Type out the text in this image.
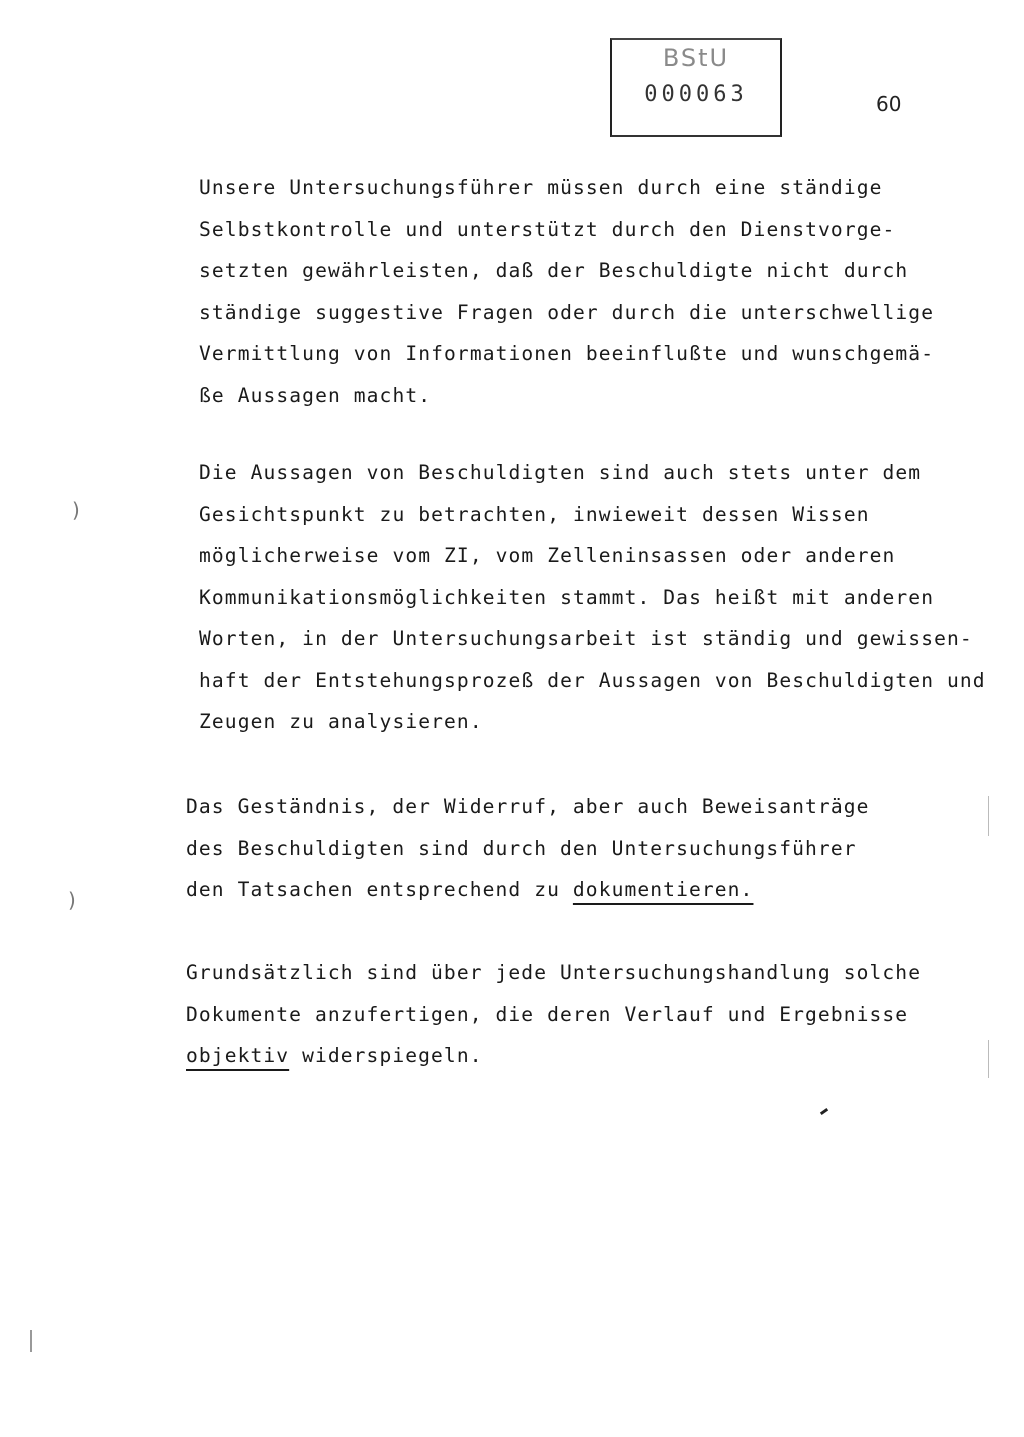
BStU
000063	60
Unsere Untersuchungsführer müssen durch eine ständige
Selbstkontrolle und unterstützt durch den Dienstvorge-
setzten gewährleisten, daß der Beschuldigte nicht durch
ständige suggestive Fragen oder durch die unterschwellige
Vermittlung von Informationen beeinflußte und wunschgemä-
ße Aussagen macht.
Die Aussagen von Beschuldigten sind auch stets unter dem
Gesichtspunkt zu betrachten, inwieweit dessen Wissen
möglicherweise vom ZI, vom Zelleninsassen oder anderen
Kommunikationsmöglichkeiten stammt. Das heißt mit anderen
Worten, in der Untersuchungsarbeit ist ständig und gewissen-
haft der Entstehungsprozeß der Aussagen von Beschuldigten und
Zeugen zu analysieren.
Das Geständnis, der Widerruf, aber auch Beweisanträge
des Beschuldigten sind durch den Untersuchungsführer
den Tatsachen entsprechend zu dokumentieren.
Grundsätzlich sind über jede Untersuchungshandlung solche
Dokumente anzufertigen, die deren Verlauf und Ergebnisse
objektiv widerspiegeln.
)
)
